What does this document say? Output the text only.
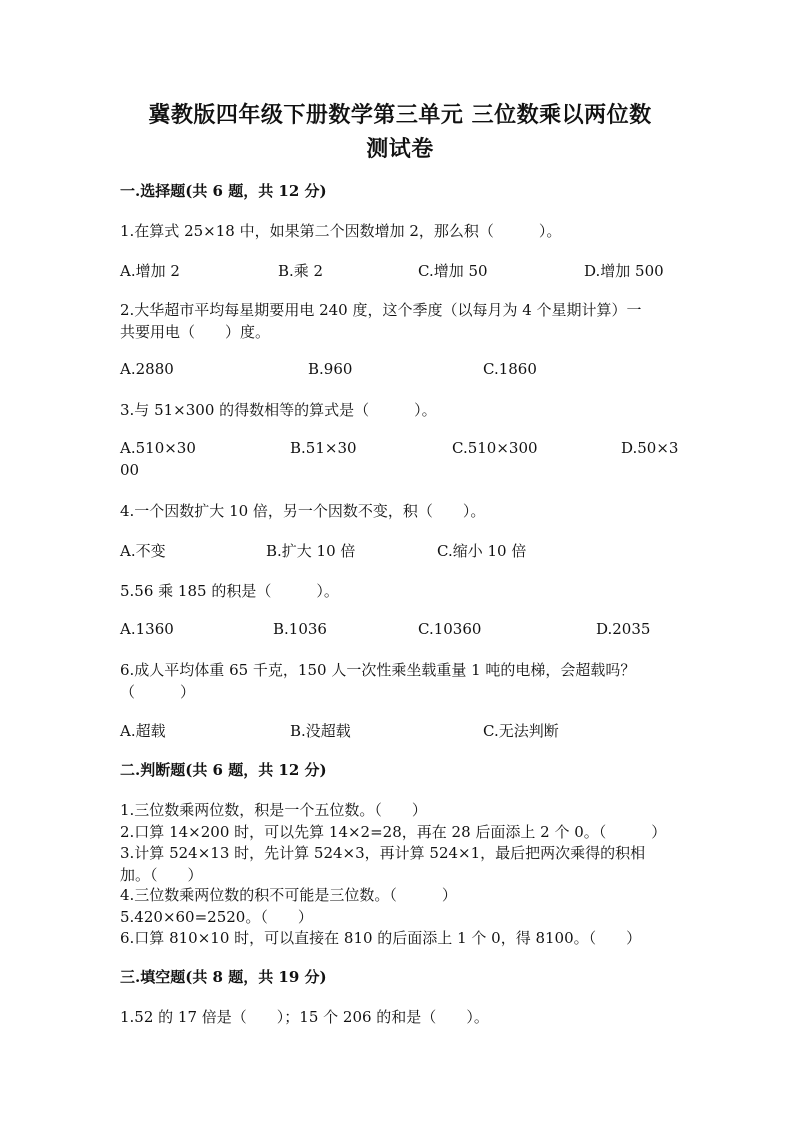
冀教版四年级下册数学第三单元 三位数乘以两位数
测试卷
一.选择题(共 6 题，共 12 分)
1.在算式 25×18 中，如果第二个因数增加 2，那么积（　　　）。
A.增加 2	B.乘 2	C.增加 50	D.增加 500
2.大华超市平均每星期要用电 240 度，这个季度（以每月为 4 个星期计算）一
共要用电（　　）度。
A.2880	B.960	C.1860
3.与 51×300 的得数相等的算式是（　　　）。
A.510×30	B.51×30	C.510×300	D.50×3
00
4.一个因数扩大 10 倍，另一个因数不变，积（　　）。
A.不变	B.扩大 10 倍	C.缩小 10 倍
5.56 乘 185 的积是（　　　）。
A.1360	B.1036	C.10360	D.2035
6.成人平均体重 65 千克，150 人一次性乘坐载重量 1 吨的电梯，会超载吗？
（　　　）
A.超载	B.没超载	C.无法判断
二.判断题(共 6 题，共 12 分)
1.三位数乘两位数，积是一个五位数。（　　）
2.口算 14×200 时，可以先算 14×2=28，再在 28 后面添上 2 个 0。（　　　）
3.计算 524×13 时，先计算 524×3，再计算 524×1，最后把两次乘得的积相
加。（　　）
4.三位数乘两位数的积不可能是三位数。（　　　）
5.420×60=2520。（　　）
6.口算 810×10 时，可以直接在 810 的后面添上 1 个 0，得 8100。（　　）
三.填空题(共 8 题，共 19 分)
1.52 的 17 倍是（　　）；15 个 206 的和是（　　）。
